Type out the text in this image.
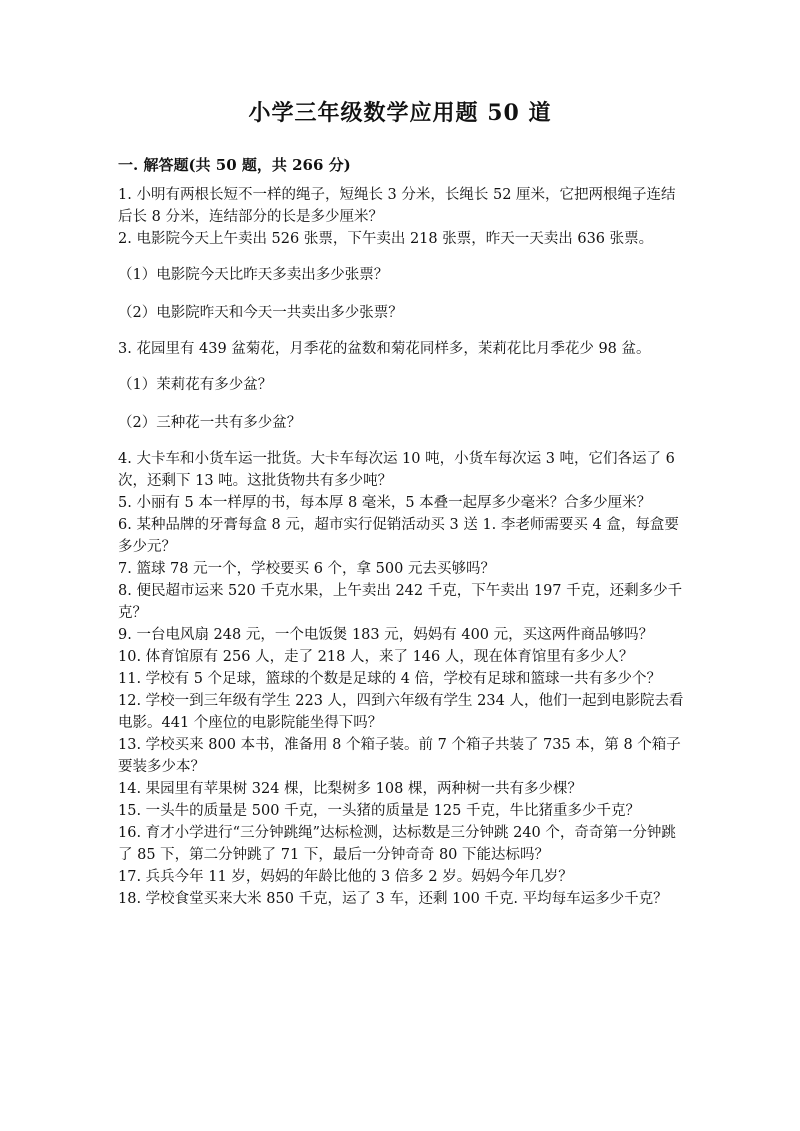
小学三年级数学应用题 50 道
一. 解答题(共 50 题，共 266 分)

1. 小明有两根长短不一样的绳子，短绳长 3 分米，长绳长 52 厘米，它把两根绳子连结后长 8 分米，连结部分的长是多少厘米？

2. 电影院今天上午卖出 526 张票，下午卖出 218 张票，昨天一天卖出 636 张票。

（1）电影院今天比昨天多卖出多少张票？

（2）电影院昨天和今天一共卖出多少张票？

3. 花园里有 439 盆菊花，月季花的盆数和菊花同样多，茉莉花比月季花少 98 盆。

（1）茉莉花有多少盆？

（2）三种花一共有多少盆？

4. 大卡车和小货车运一批货。大卡车每次运 10 吨，小货车每次运 3 吨，它们各运了 6 次，还剩下 13 吨。这批货物共有多少吨？

5. 小丽有 5 本一样厚的书，每本厚 8 毫米，5 本叠一起厚多少毫米？合多少厘米？

6. 某种品牌的牙膏每盒 8 元，超市实行促销活动买 3 送 1. 李老师需要买 4 盒，每盒要多少元？

7. 篮球 78 元一个，学校要买 6 个，拿 500 元去买够吗？

8. 便民超市运来 520 千克水果，上午卖出 242 千克，下午卖出 197 千克，还剩多少千克？

9. 一台电风扇 248 元，一个电饭煲 183 元，妈妈有 400 元，买这两件商品够吗？

10. 体育馆原有 256 人，走了 218 人，来了 146 人，现在体育馆里有多少人？

11. 学校有 5 个足球，篮球的个数是足球的 4 倍，学校有足球和篮球一共有多少个？

12. 学校一到三年级有学生 223 人，四到六年级有学生 234 人，他们一起到电影院去看电影。441 个座位的电影院能坐得下吗？

13. 学校买来 800 本书，准备用 8 个箱子装。前 7 个箱子共装了 735 本，第 8 个箱子要装多少本？

14. 果园里有苹果树 324 棵，比梨树多 108 棵，两种树一共有多少棵？

15. 一头牛的质量是 500 千克，一头猪的质量是 125 千克，牛比猪重多少千克？

16. 育才小学进行“三分钟跳绳”达标检测，达标数是三分钟跳 240 个，奇奇第一分钟跳了 85 下，第二分钟跳了 71 下，最后一分钟奇奇 80 下能达标吗？

17. 兵兵今年 11 岁，妈妈的年龄比他的 3 倍多 2 岁。妈妈今年几岁？

18. 学校食堂买来大米 850 千克，运了 3 车，还剩 100 千克. 平均每车运多少千克？
